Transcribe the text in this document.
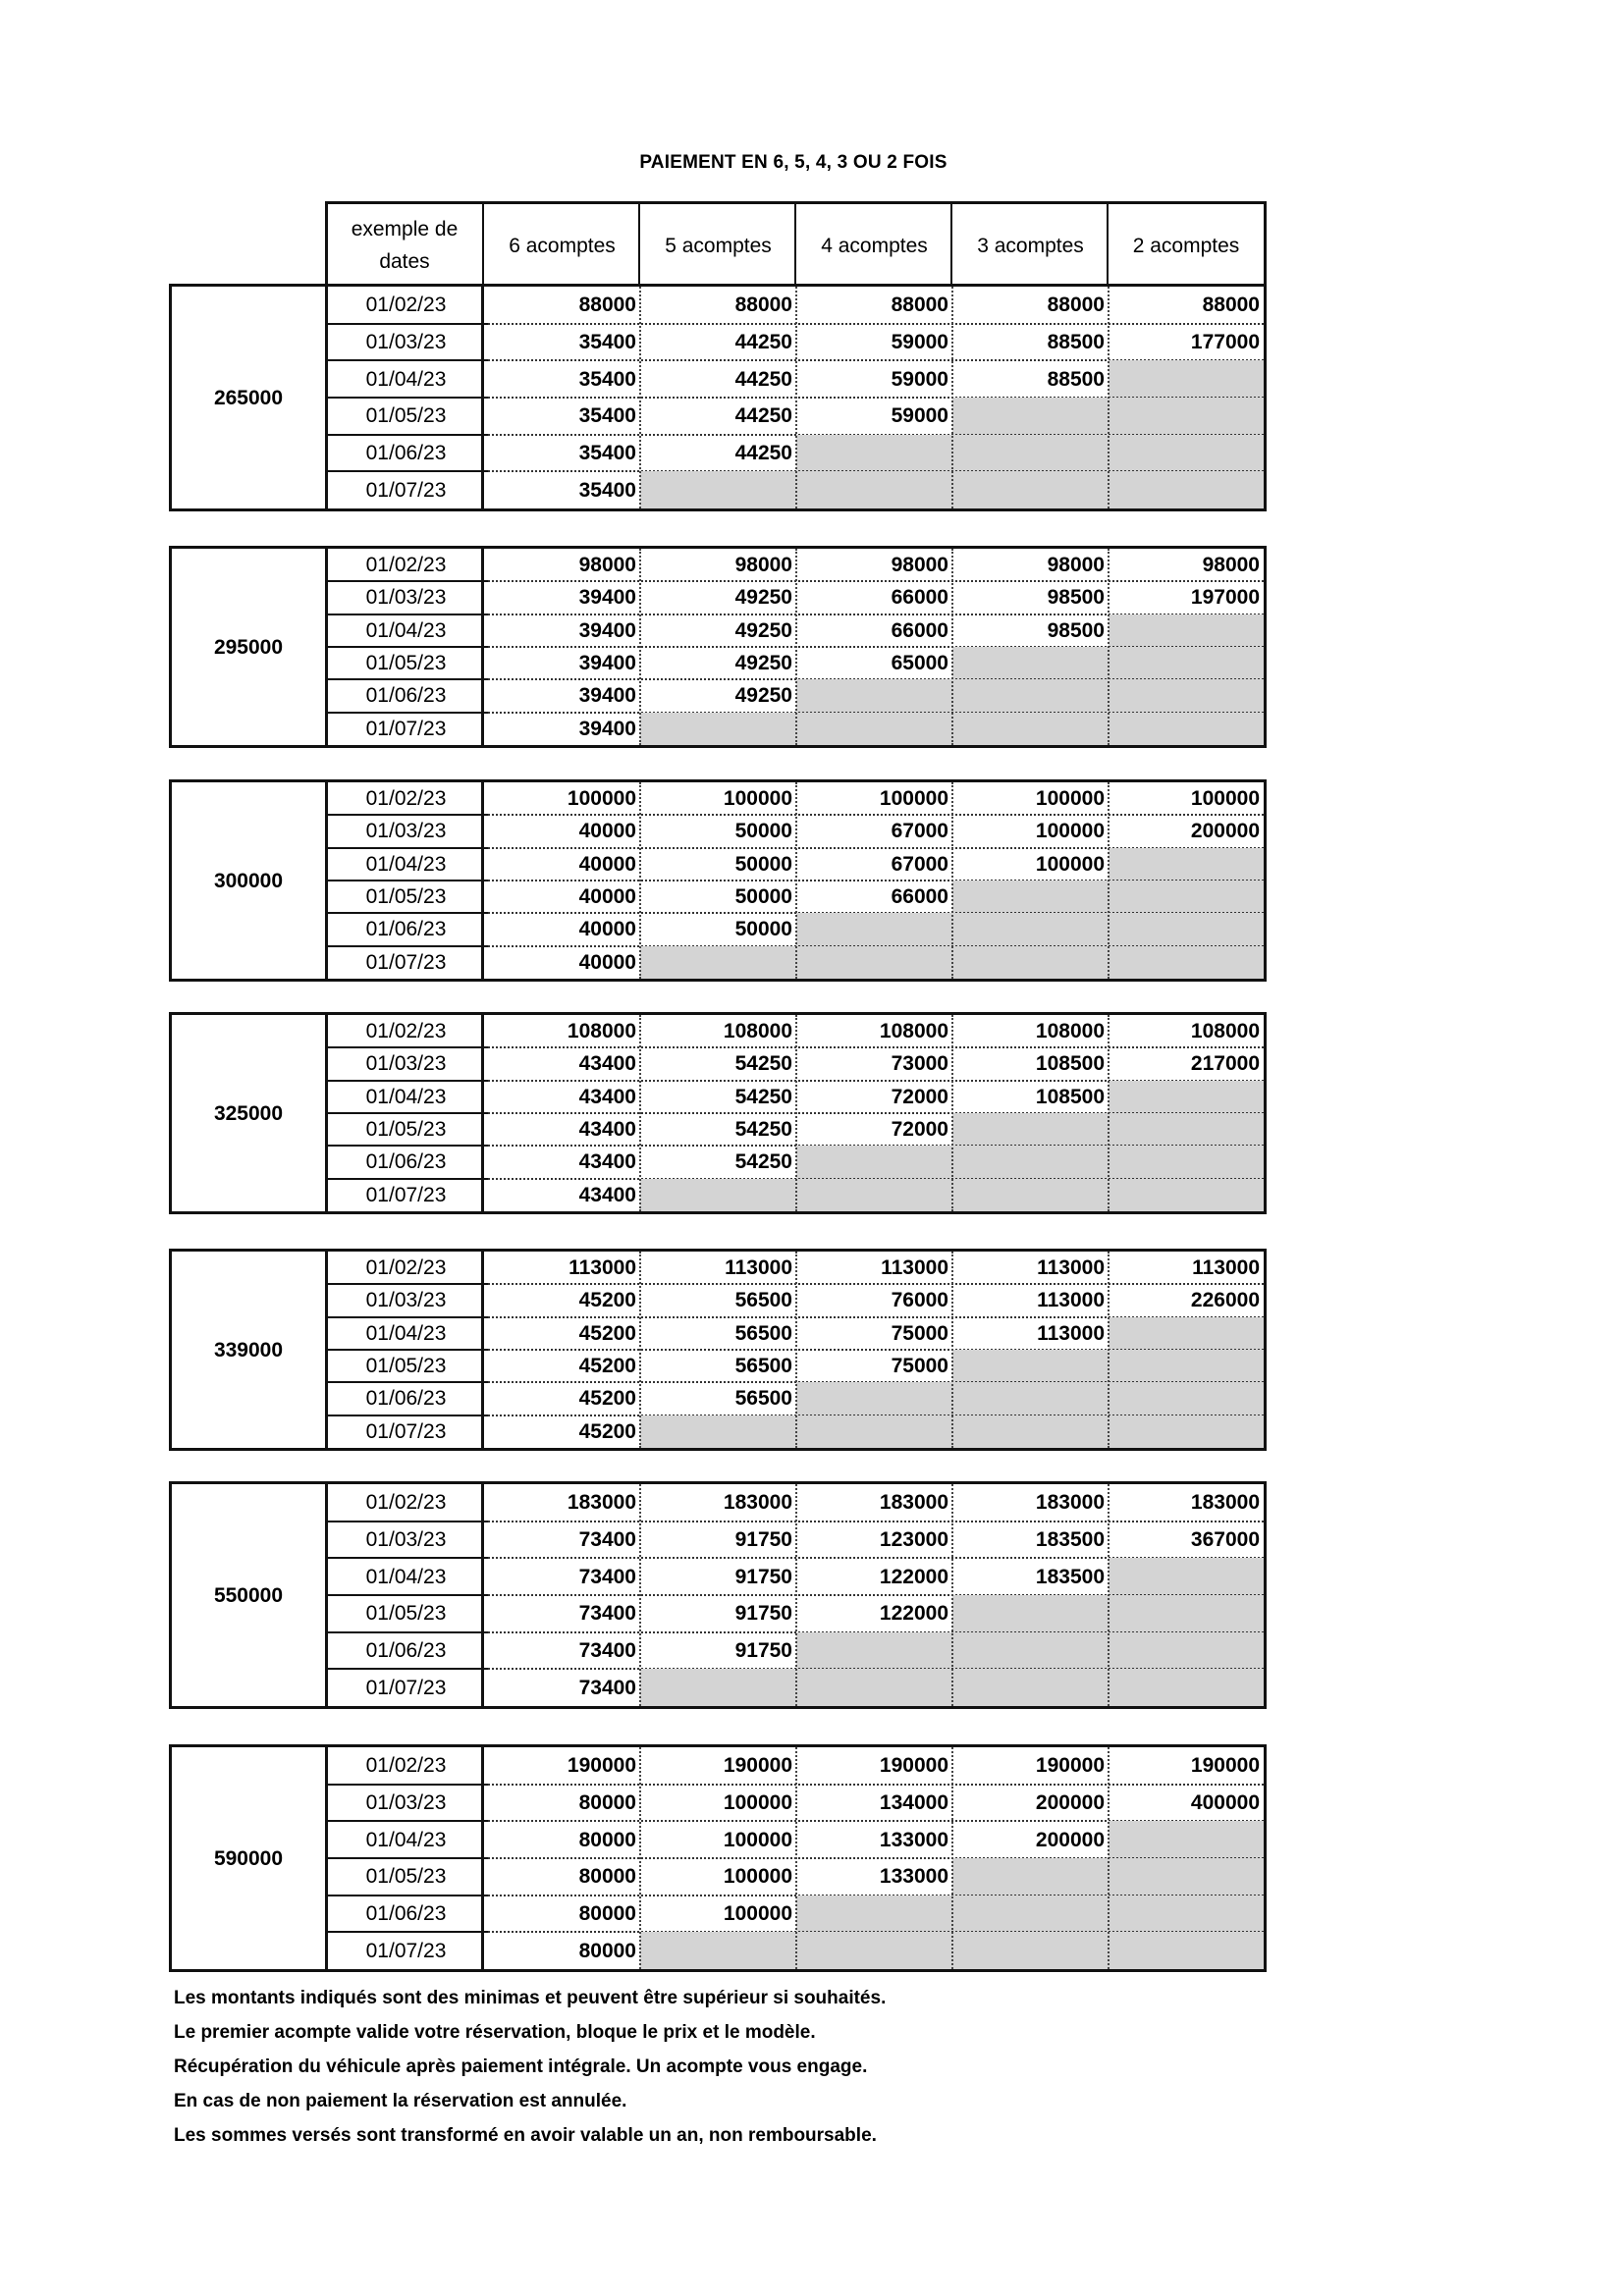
PAIEMENT EN 6, 5, 4, 3 OU 2 FOIS
exemple de dates
6 acomptes	5 acomptes	4 acomptes	3 acomptes	2 acomptes
265000
01/02/23	88000	88000	88000	88000	88000
01/03/23	35400	44250	59000	88500	177000
01/04/23	35400	44250	59000	88500
01/05/23	35400	44250	59000
01/06/23	35400	44250
01/07/23	35400
295000
01/02/23	98000	98000	98000	98000	98000
01/03/23	39400	49250	66000	98500	197000
01/04/23	39400	49250	66000	98500
01/05/23	39400	49250	65000
01/06/23	39400	49250
01/07/23	39400
300000
01/02/23	100000	100000	100000	100000	100000
01/03/23	40000	50000	67000	100000	200000
01/04/23	40000	50000	67000	100000
01/05/23	40000	50000	66000
01/06/23	40000	50000
01/07/23	40000
325000
01/02/23	108000	108000	108000	108000	108000
01/03/23	43400	54250	73000	108500	217000
01/04/23	43400	54250	72000	108500
01/05/23	43400	54250	72000
01/06/23	43400	54250
01/07/23	43400
339000
01/02/23	113000	113000	113000	113000	113000
01/03/23	45200	56500	76000	113000	226000
01/04/23	45200	56500	75000	113000
01/05/23	45200	56500	75000
01/06/23	45200	56500
01/07/23	45200
550000
01/02/23	183000	183000	183000	183000	183000
01/03/23	73400	91750	123000	183500	367000
01/04/23	73400	91750	122000	183500
01/05/23	73400	91750	122000
01/06/23	73400	91750
01/07/23	73400
590000
01/02/23	190000	190000	190000	190000	190000
01/03/23	80000	100000	134000	200000	400000
01/04/23	80000	100000	133000	200000
01/05/23	80000	100000	133000
01/06/23	80000	100000
01/07/23	80000
Les montants indiqués sont des minimas et peuvent être supérieur si souhaités.
Le premier acompte valide votre réservation, bloque le prix et le modèle.
Récupération du véhicule après paiement intégrale. Un acompte vous engage.
En cas de non paiement la réservation est annulée.
Les sommes versés sont transformé en avoir valable un an, non remboursable.
